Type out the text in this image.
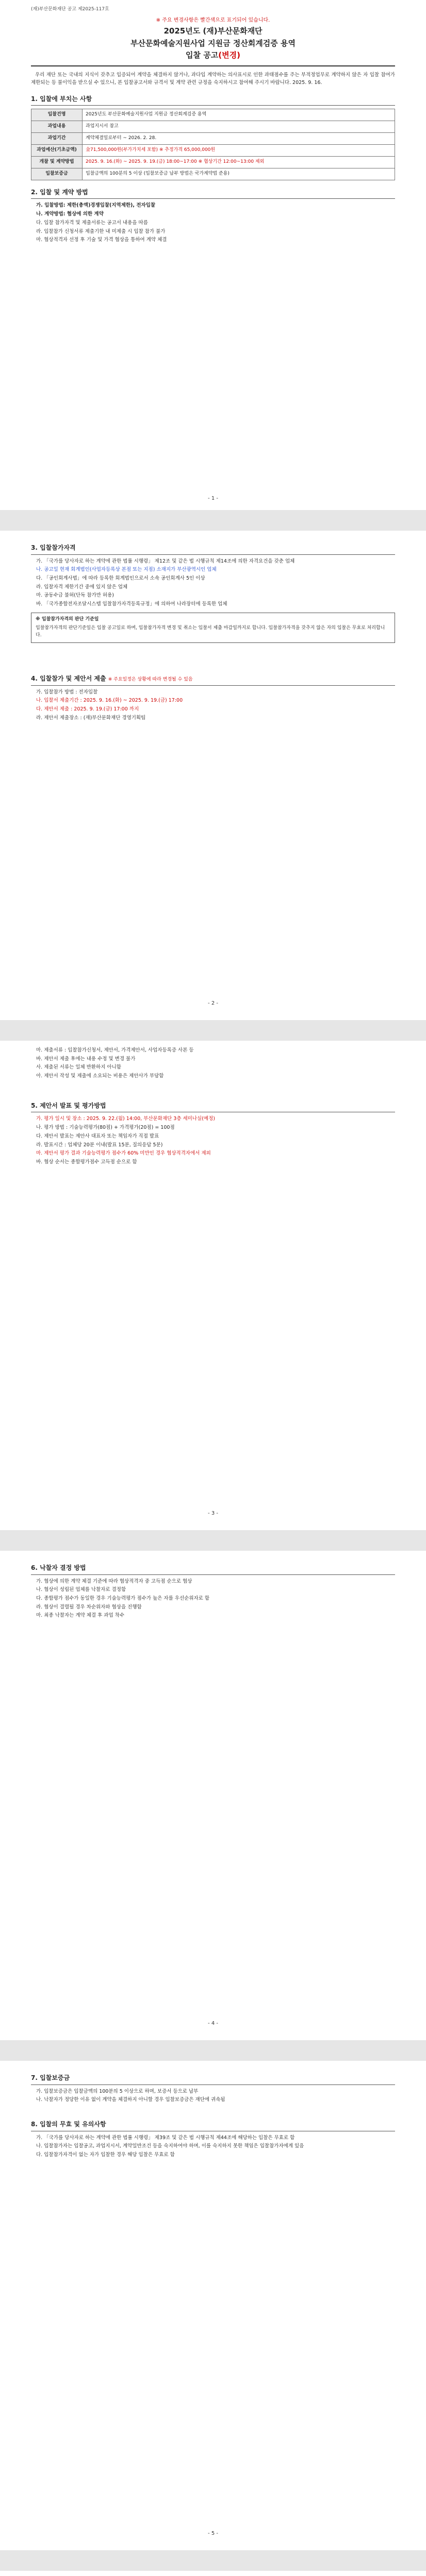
(재)부산문화재단 공고 제2025-117호
※ 주요 변경사항은 빨간색으로 표기되어 있습니다.
2025년도 (재)부산문화재단
부산문화예술지원사업 지원금 정산회계검증 용역
입찰 공고(변경)
우리 재단 또는 국내의 지식이 갖추고 입증되어 계약을 체결하지 않거나, 과다입 계약하는 의사표시로 인한 과태점수를 주는 부적정업무로 계약하지 않은 자 입찰 참여가 제한되는 등 불이익을 받으실 수 있으니, 본 입찰공고서와 규격서 및 계약 관련 규정을 숙지하시고 참여해 주시기 바랍니다. 2025. 9. 16.
1. 입찰에 부치는 사항
입찰건명	2025년도 부산문화예술지원사업 지원금 정산회계검증 용역
과업내용	과업지시서 참고
과업기간	계약체결일로부터 ~ 2026. 2. 28.
과업예산(기초금액)	金71,500,000원(부가가치세 포함) ※ 추정가격 65,000,000원
개찰 및 계약방법	2025. 9. 16.(화) ~ 2025. 9. 19.(금) 18:00~17:00 ※ 협상기간 12:00~13:00 제외
입찰보증금	입찰금액의 100분의 5 이상 (입찰보증금 납부 방법은 국가계약법 준용)
2. 입찰 및 계약 방법
가. 입찰방법: 제한(총액)경쟁입찰(지역제한), 전자입찰
나. 계약방법: 협상에 의한 계약
다. 입찰 참가자격 및 제출서류는 공고서 내용을 따름
라. 입찰참가 신청서류 제출기한 내 미제출 시 입찰 참가 불가
마. 협상적격자 선정 후 기술 및 가격 협상을 통하여 계약 체결
- 1 -
3. 입찰참가자격
가. 「국가를 당사자로 하는 계약에 관한 법률 시행령」 제12조 및 같은 법 시행규칙 제14조에 의한 자격요건을 갖춘 업체
나. 공고일 현재 회계법인(사업자등록상 본점 또는 지점) 소재지가 부산광역시인 업체
다. 「공인회계사법」에 따라 등록한 회계법인으로서 소속 공인회계사 5인 이상
라. 입찰자격 제한기간 중에 있지 않은 업체
마. 공동수급 불허(단독 참가만 허용)
바. 「국가종합전자조달시스템 입찰참가자격등록규정」에 의하여 나라장터에 등록한 업체
※ 입찰참가자격의 판단 기준일
입찰참가자격의 판단기준일은 입찰 공고일로 하며, 입찰참가자격 변경 및 취소는 입찰서 제출 마감일까지로 합니다. 입찰참가자격을 갖추지 않은 자의 입찰은 무효로 처리합니다.
4. 입찰참가 및 제안서 제출 ※ 주요일정은 상황에 따라 변경될 수 있음
가. 입찰참가 방법 : 전자입찰
나. 입찰서 제출기간 : 2025. 9. 16.(화) ~ 2025. 9. 19.(금) 17:00
다. 제안서 제출 : 2025. 9. 19.(금) 17:00 까지
라. 제안서 제출장소 : (재)부산문화재단 경영기획팀
- 2 -
마. 제출서류 : 입찰참가신청서, 제안서, 가격제안서, 사업자등록증 사본 등
바. 제안서 제출 후에는 내용 수정 및 변경 불가
사. 제출된 서류는 일체 반환하지 아니함
아. 제안서 작성 및 제출에 소요되는 비용은 제안사가 부담함
5. 제안서 발표 및 평가방법
가. 평가 일시 및 장소 : 2025. 9. 22.(월) 14:00, 부산문화재단 3층 세미나실(예정)
나. 평가 방법 : 기술능력평가(80점) + 가격평가(20점) = 100점
다. 제안서 발표는 제안사 대표자 또는 책임자가 직접 발표
라. 발표시간 : 업체당 20분 이내(발표 15분, 질의응답 5분)
마. 제안서 평가 결과 기술능력평가 점수가 60% 미만인 경우 협상적격자에서 제외
바. 협상 순서는 종합평가점수 고득점 순으로 함
- 3 -
6. 낙찰자 결정 방법
가. 협상에 의한 계약 체결 기준에 따라 협상적격자 중 고득점 순으로 협상
나. 협상이 성립된 업체를 낙찰자로 결정함
다. 종합평가 점수가 동일한 경우 기술능력평가 점수가 높은 자를 우선순위자로 함
라. 협상이 결렬될 경우 차순위자와 협상을 진행함
마. 최종 낙찰자는 계약 체결 후 과업 착수
- 4 -
7. 입찰보증금
가. 입찰보증금은 입찰금액의 100분의 5 이상으로 하며, 보증서 등으로 납부
나. 낙찰자가 정당한 이유 없이 계약을 체결하지 아니할 경우 입찰보증금은 재단에 귀속됨
8. 입찰의 무효 및 유의사항
가. 「국가를 당사자로 하는 계약에 관한 법률 시행령」 제39조 및 같은 법 시행규칙 제44조에 해당하는 입찰은 무효로 함
나. 입찰참가자는 입찰공고, 과업지시서, 계약일반조건 등을 숙지하여야 하며, 이를 숙지하지 못한 책임은 입찰참가자에게 있음
다. 입찰참가자격이 없는 자가 입찰한 경우 해당 입찰은 무효로 함
- 5 -
